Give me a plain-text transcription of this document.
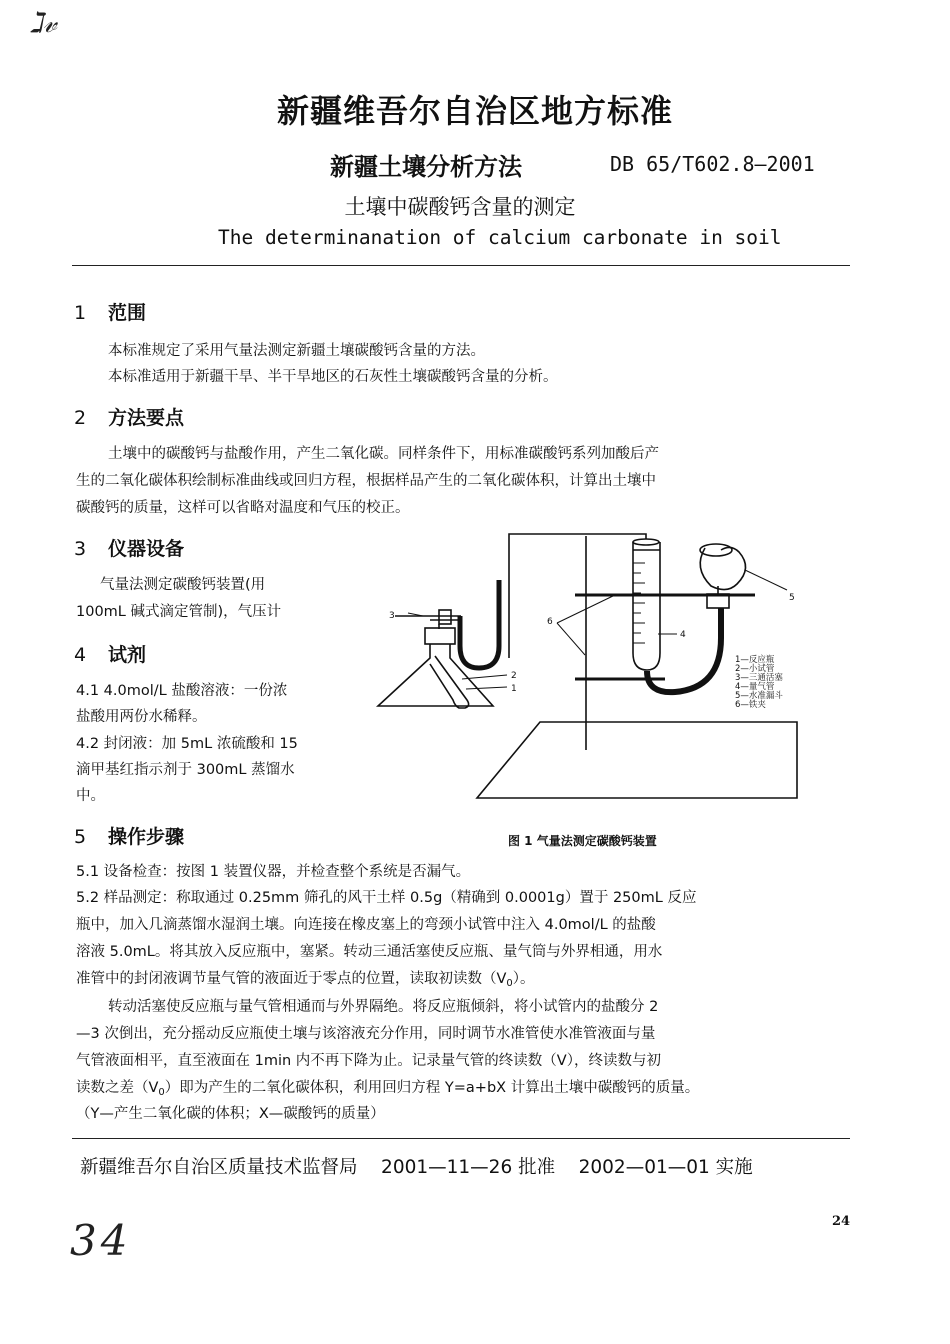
ℷ𝓋
34
新疆维吾尔自治区地方标准
新疆土壤分析方法	DB 65/T602.8—2001
土壤中碳酸钙含量的测定
The determinanation of calcium carbonate in soil
1 范围
本标准规定了采用气量法测定新疆土壤碳酸钙含量的方法。
本标准适用于新疆干旱、半干旱地区的石灰性土壤碳酸钙含量的分析。
2 方法要点
土壤中的碳酸钙与盐酸作用，产生二氧化碳。同样条件下，用标准碳酸钙系列加酸后产
生的二氧化碳体积绘制标准曲线或回归方程，根据样品产生的二氧化碳体积，计算出土壤中
碳酸钙的质量，这样可以省略对温度和气压的校正。
3 仪器设备
气量法测定碳酸钙装置(用
100mL 碱式滴定管制)，气压计
4 试剂
4.1 4.0mol/L 盐酸溶液：一份浓
盐酸用两份水稀释。
4.2 封闭液：加 5mL 浓硫酸和 15
滴甲基红指示剂于 300mL 蒸馏水
中。
1
2
3
4
5
6
1—反应瓶
2—小试管
3—三通活塞
4—量气管
5—水准漏斗
6—铁夹
图 1 气量法测定碳酸钙装置
5 操作步骤
5.1 设备检查：按图 1 装置仪器，并检查整个系统是否漏气。
5.2 样品测定：称取通过 0.25mm 筛孔的风干土样 0.5g（精确到 0.0001g）置于 250mL 反应
瓶中，加入几滴蒸馏水湿润土壤。向连接在橡皮塞上的弯颈小试管中注入 4.0mol/L 的盐酸
溶液 5.0mL。将其放入反应瓶中，塞紧。转动三通活塞使反应瓶、量气筒与外界相通，用水
准管中的封闭液调节量气管的液面近于零点的位置，读取初读数$(V_0)$。
转动活塞使反应瓶与量气管相通而与外界隔绝。将反应瓶倾斜，将小试管内的盐酸分 2
—3 次倒出，充分摇动反应瓶使土壤与该溶液充分作用，同时调节水准管使水准管液面与量
气管液面相平，直至液面在 1min 内不再下降为止。记录量气管的终读数（V），终读数与初
读数之差$(V_0)$即为产生的二氧化碳体积，利用回归方程 Y=a+bX 计算出土壤中碳酸钙的质量。
（Y—产生二氧化碳的体积；X—碳酸钙的质量）
新疆维吾尔自治区质量技术监督局 2001—11—26 批准 2002—01—01 实施
24
